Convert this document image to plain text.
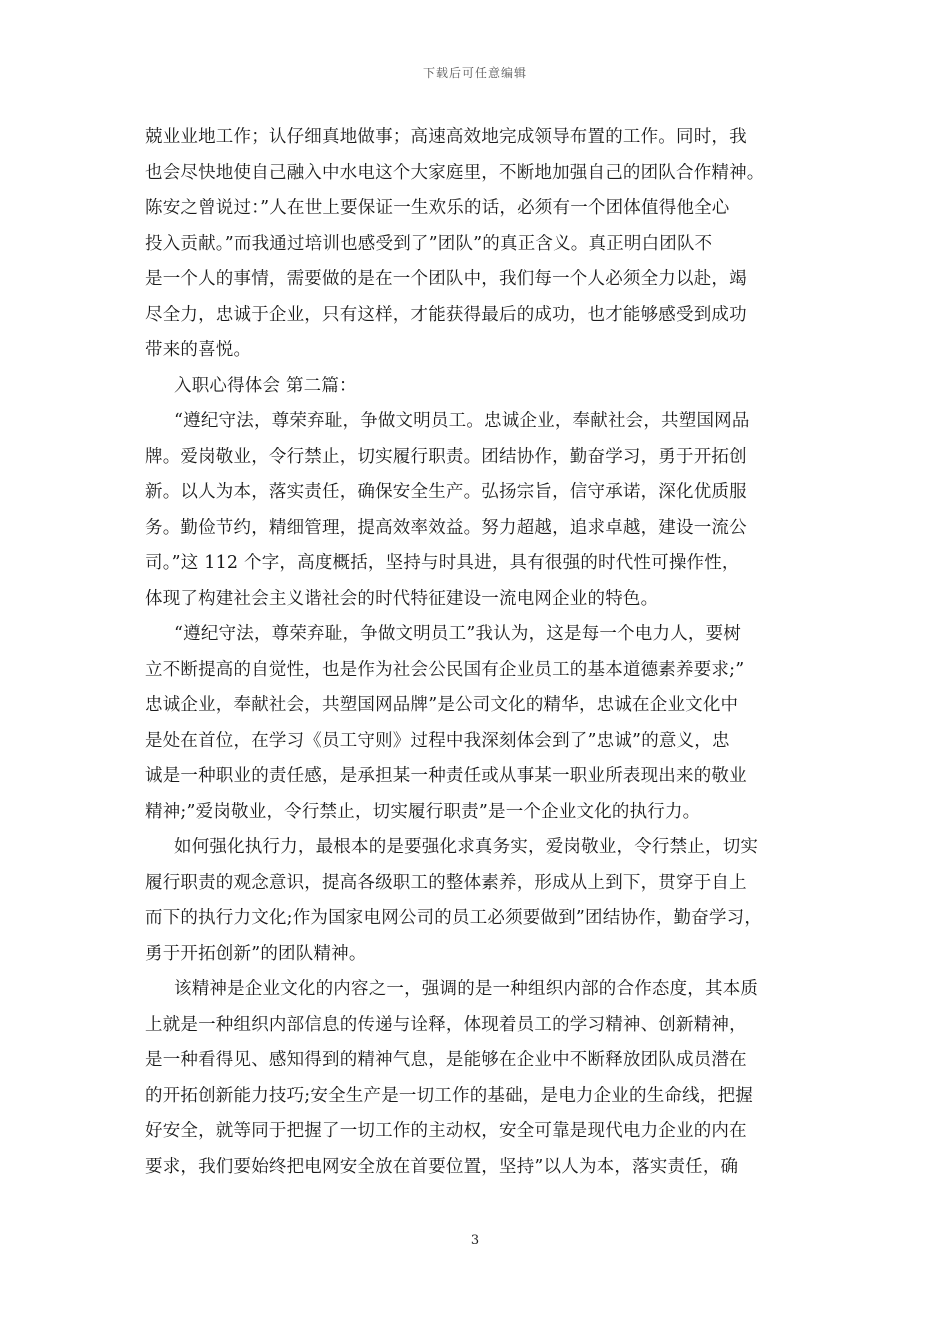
下载后可任意编辑
兢业业地工作；认仔细真地做事；高速高效地完成领导布置的工作。同时，我
也会尽快地使自己融入中水电这个大家庭里，不断地加强自己的团队合作精神。
陈安之曾说过：”人在世上要保证一生欢乐的话，必须有一个团体值得他全心
投入贡献。”而我通过培训也感受到了”团队”的真正含义。真正明白团队不
是一个人的事情，需要做的是在一个团队中，我们每一个人必须全力以赴，竭
尽全力，忠诚于企业，只有这样，才能获得最后的成功，也才能够感受到成功
带来的喜悦。
入职心得体会 第二篇：
“遵纪守法，尊荣弃耻，争做文明员工。忠诚企业，奉献社会，共塑国网品
牌。爱岗敬业，令行禁止，切实履行职责。团结协作，勤奋学习，勇于开拓创
新。以人为本，落实责任，确保安全生产。弘扬宗旨，信守承诺，深化优质服
务。勤俭节约，精细管理，提高效率效益。努力超越，追求卓越，建设一流公
司。”这 112 个字，高度概括，坚持与时具进，具有很强的时代性可操作性，
体现了构建社会主义谐社会的时代特征建设一流电网企业的特色。
“遵纪守法，尊荣弃耻，争做文明员工”我认为，这是每一个电力人，要树
立不断提高的自觉性，也是作为社会公民国有企业员工的基本道德素养要求;”
忠诚企业，奉献社会，共塑国网品牌”是公司文化的精华，忠诚在企业文化中
是处在首位，在学习《员工守则》过程中我深刻体会到了”忠诚”的意义，忠
诚是一种职业的责任感，是承担某一种责任或从事某一职业所表现出来的敬业
精神;”爱岗敬业，令行禁止，切实履行职责”是一个企业文化的执行力。
如何强化执行力，最根本的是要强化求真务实，爱岗敬业，令行禁止，切实
履行职责的观念意识，提高各级职工的整体素养，形成从上到下，贯穿于自上
而下的执行力文化;作为国家电网公司的员工必须要做到”团结协作，勤奋学习，
勇于开拓创新”的团队精神。
该精神是企业文化的内容之一，强调的是一种组织内部的合作态度，其本质
上就是一种组织内部信息的传递与诠释，体现着员工的学习精神、创新精神，
是一种看得见、感知得到的精神气息，是能够在企业中不断释放团队成员潜在
的开拓创新能力技巧;安全生产是一切工作的基础，是电力企业的生命线，把握
好安全，就等同于把握了一切工作的主动权，安全可靠是现代电力企业的内在
要求，我们要始终把电网安全放在首要位置，坚持”以人为本，落实责任，确
3
